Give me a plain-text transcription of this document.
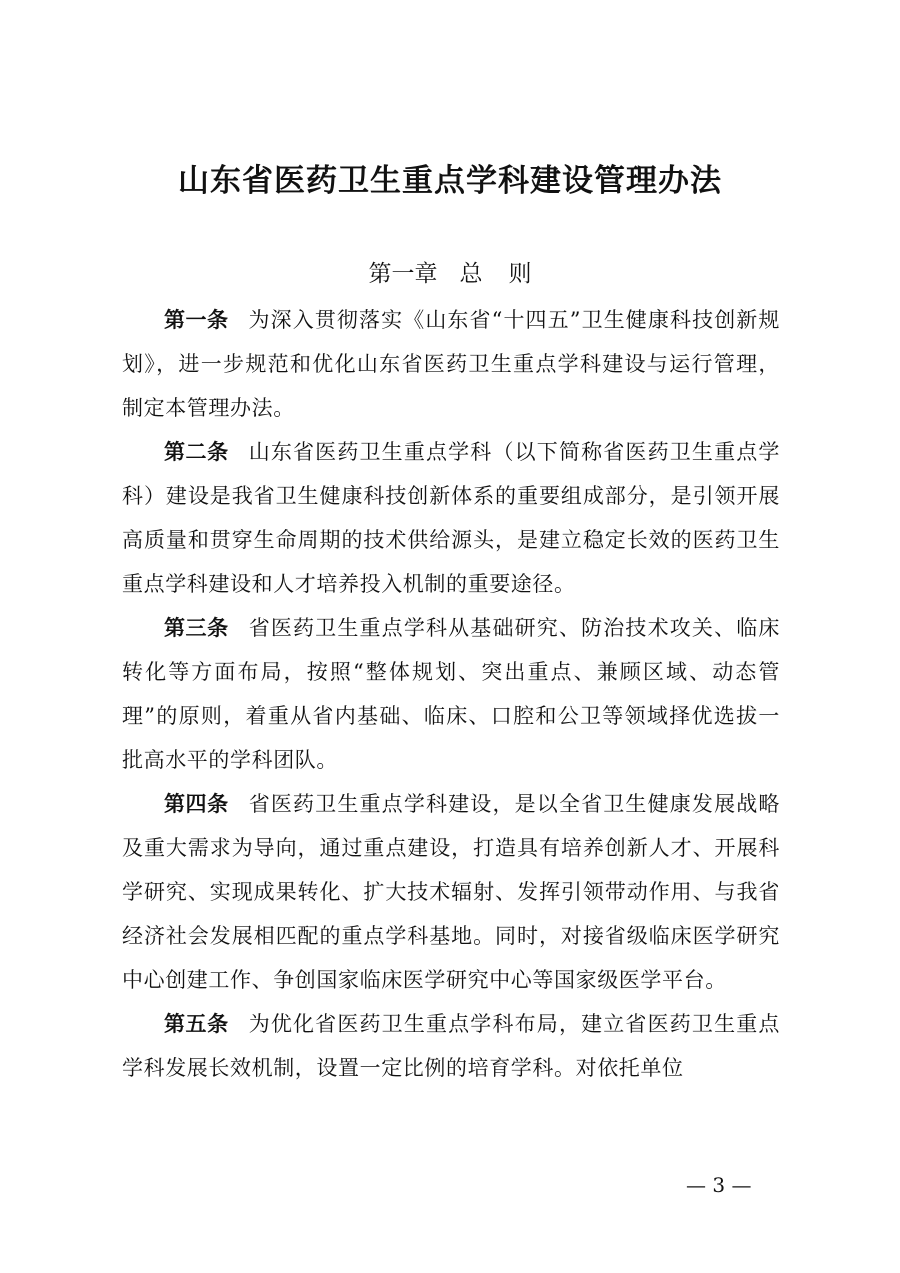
山东省医药卫生重点学科建设管理办法
第一章 总 则

第一条 为深入贯彻落实《山东省“十四五”卫生健康科技创新规划》，进一步规范和优化山东省医药卫生重点学科建设与运行管理，制定本管理办法。

第二条 山东省医药卫生重点学科（以下简称省医药卫生重点学科）建设是我省卫生健康科技创新体系的重要组成部分，是引领开展高质量和贯穿生命周期的技术供给源头，是建立稳定长效的医药卫生重点学科建设和人才培养投入机制的重要途径。

第三条 省医药卫生重点学科从基础研究、防治技术攻关、临床转化等方面布局，按照“整体规划、突出重点、兼顾区域、动态管理”的原则，着重从省内基础、临床、口腔和公卫等领域择优选拔一批高水平的学科团队。

第四条 省医药卫生重点学科建设，是以全省卫生健康发展战略及重大需求为导向，通过重点建设，打造具有培养创新人才、开展科学研究、实现成果转化、扩大技术辐射、发挥引领带动作用、与我省经济社会发展相匹配的重点学科基地。同时，对接省级临床医学研究中心创建工作、争创国家临床医学研究中心等国家级医学平台。

第五条 为优化省医药卫生重点学科布局，建立省医药卫生重点学科发展长效机制，设置一定比例的培育学科。对依托单位

— 3 —
